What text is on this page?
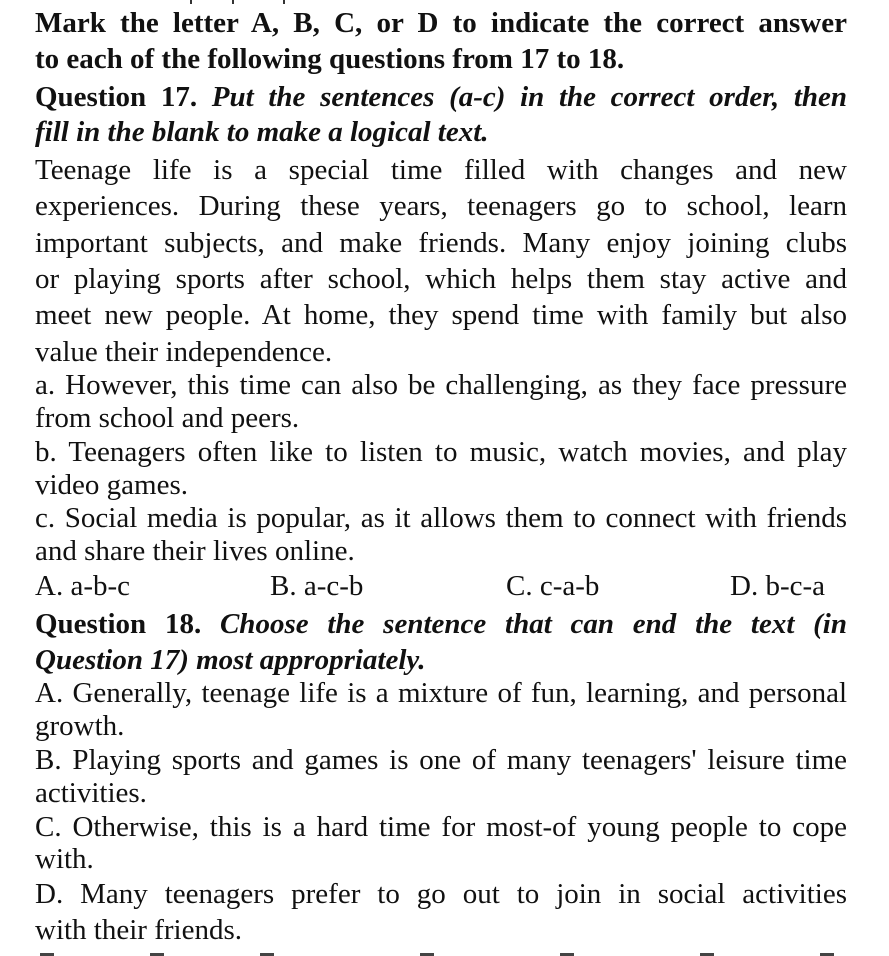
Mark the letter A, B, C, or D to indicate the correct answer
to each of the following questions from 17 to 18.
Question 17. Put the sentences (a-c) in the correct order, then
fill in the blank to make a logical text.
Teenage life is a special time filled with changes and new
experiences. During these years, teenagers go to school, learn
important subjects, and make friends. Many enjoy joining clubs
or playing sports after school, which helps them stay active and
meet new people. At home, they spend time with family but also
value their independence.
a. However, this time can also be challenging, as they face pressure
from school and peers.
b. Teenagers often like to listen to music, watch movies, and play
video games.
c. Social media is popular, as it allows them to connect with friends
and share their lives online.
A. a-b-c	B. a-c-b	C. c-a-b	D. b-c-a
Question 18. Choose the sentence that can end the text (in
Question 17) most appropriately.
A. Generally, teenage life is a mixture of fun, learning, and personal
growth.
B. Playing sports and games is one of many teenagers' leisure time
activities.
C. Otherwise, this is a hard time for most-of young people to cope
with.
D. Many teenagers prefer to go out to join in social activities
with their friends.
